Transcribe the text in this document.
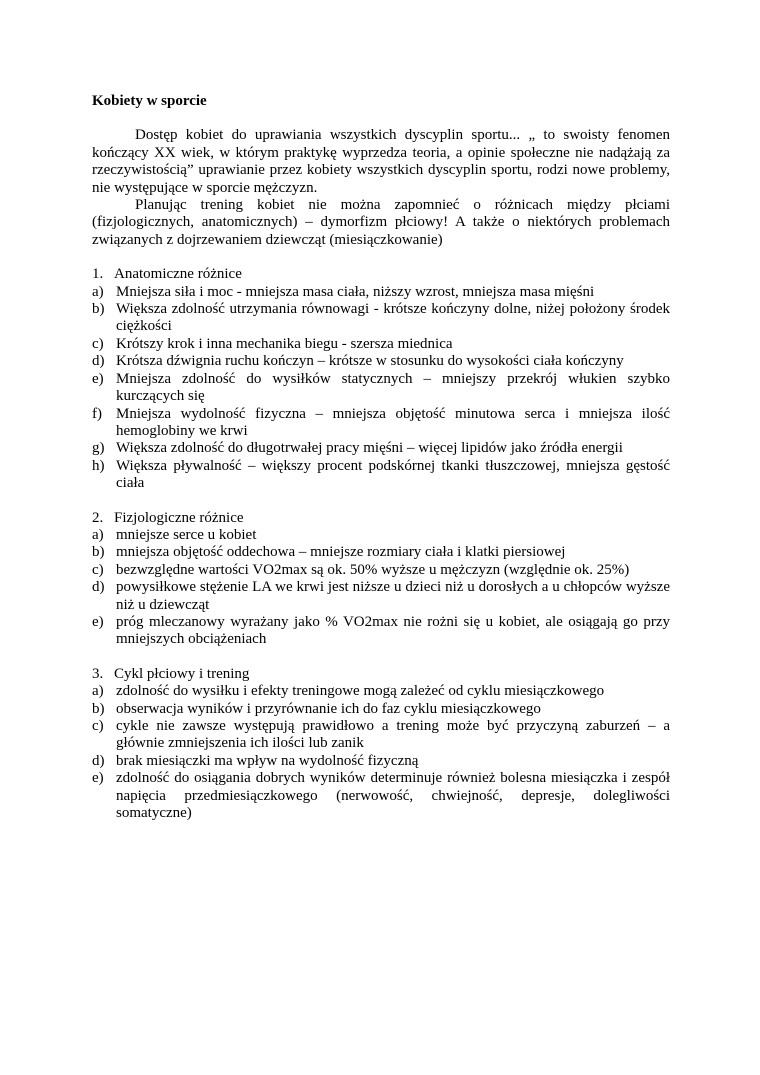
Kobiety w sporcie

Dostęp kobiet do uprawiania wszystkich dyscyplin sportu... „ to swoisty fenomen kończący XX wiek, w którym praktykę wyprzedza teoria, a opinie społeczne nie nadążają za rzeczywistością” uprawianie przez kobiety wszystkich dyscyplin sportu, rodzi nowe problemy, nie występujące w sporcie mężczyzn.

Planując trening kobiet nie można zapomnieć o różnicach między płciami (fizjologicznych, anatomicznych) – dymorfizm płciowy! A także o niektórych problemach związanych z dojrzewaniem dziewcząt (miesiączkowanie)

1. Anatomiczne różnice

a) Mniejsza siła i moc - mniejsza masa ciała, niższy wzrost, mniejsza masa mięśni
b) Większa zdolność utrzymania równowagi - krótsze kończyny dolne, niżej położony środek ciężkości
c) Krótszy krok i inna mechanika biegu - szersza miednica
d) Krótsza dźwignia ruchu kończyn – krótsze w stosunku do wysokości ciała kończyny
e) Mniejsza zdolność do wysiłków statycznych – mniejszy przekrój włukien szybko kurczących się
f) Mniejsza wydolność fizyczna – mniejsza objętość minutowa serca i mniejsza ilość hemoglobiny we krwi
g) Większa zdolność do długotrwałej pracy mięśni – więcej lipidów jako źródła energii
h) Większa pływalność – większy procent podskórnej tkanki tłuszczowej, mniejsza gęstość ciała

2. Fizjologiczne różnice

a) mniejsze serce u kobiet
b) mniejsza objętość oddechowa – mniejsze rozmiary ciała i klatki piersiowej
c) bezwzględne wartości VO2max są ok. 50% wyższe u mężczyzn (względnie ok. 25%)
d) powysiłkowe stężenie LA we krwi jest niższe u dzieci niż u dorosłych a u chłopców wyższe niż u dziewcząt
e) próg mleczanowy wyrażany jako % VO2max nie rożni się u kobiet, ale osiągają go przy mniejszych obciążeniach

3. Cykl płciowy i trening

a) zdolność do wysiłku i efekty treningowe mogą zależeć od cyklu miesiączkowego
b) obserwacja wyników i przyrównanie ich do faz cyklu miesiączkowego
c) cykle nie zawsze występują prawidłowo a trening może być przyczyną zaburzeń – a głównie zmniejszenia ich ilości lub zanik
d) brak miesiączki ma wpływ na wydolność fizyczną
e) zdolność do osiągania dobrych wyników determinuje również bolesna miesiączka i zespół napięcia przedmiesiączkowego (nerwowość, chwiejność, depresje, dolegliwości somatyczne)
